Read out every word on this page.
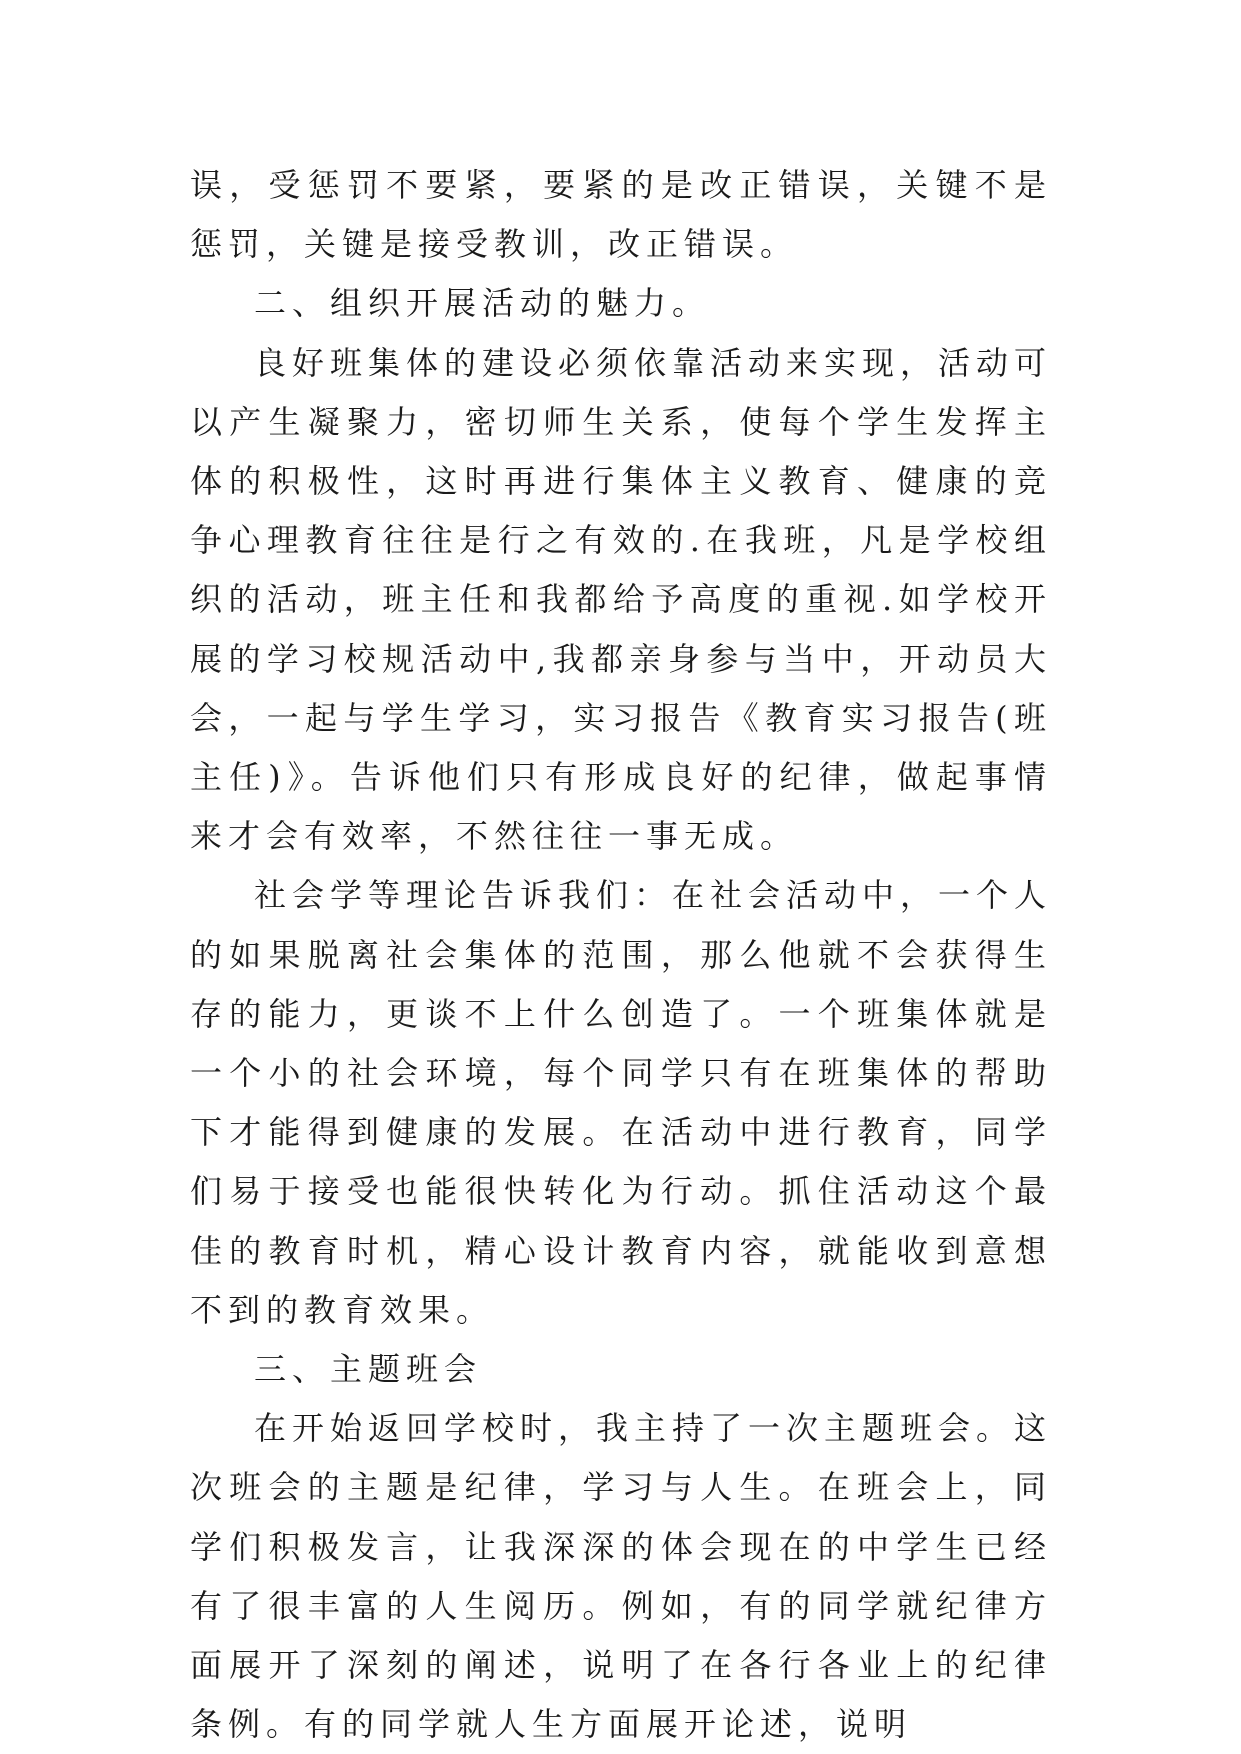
误，受惩罚不要紧，要紧的是改正错误，关键不是惩罚，关键是接受教训，改正错误。

二、组织开展活动的魅力。

良好班集体的建设必须依靠活动来实现，活动可以产生凝聚力，密切师生关系，使每个学生发挥主体的积极性，这时再进行集体主义教育、健康的竞争心理教育往往是行之有效的.在我班，凡是学校组织的活动，班主任和我都给予高度的重视.如学校开展的学习校规活动中,我都亲身参与当中，开动员大会，一起与学生学习，实习报告《教育实习报告(班主任)》。告诉他们只有形成良好的纪律，做起事情来才会有效率，不然往往一事无成。

社会学等理论告诉我们：在社会活动中，一个人的如果脱离社会集体的范围，那么他就不会获得生存的能力，更谈不上什么创造了。一个班集体就是一个小的社会环境，每个同学只有在班集体的帮助下才能得到健康的发展。在活动中进行教育，同学们易于接受也能很快转化为行动。抓住活动这个最佳的教育时机，精心设计教育内容，就能收到意想不到的教育效果。

三、主题班会

在开始返回学校时，我主持了一次主题班会。这次班会的主题是纪律，学习与人生。在班会上，同学们积极发言，让我深深的体会现在的中学生已经有了很丰富的人生阅历。例如，有的同学就纪律方面展开了深刻的阐述，说明了在各行各业上的纪律条例。有的同学就人生方面展开论述，说明
